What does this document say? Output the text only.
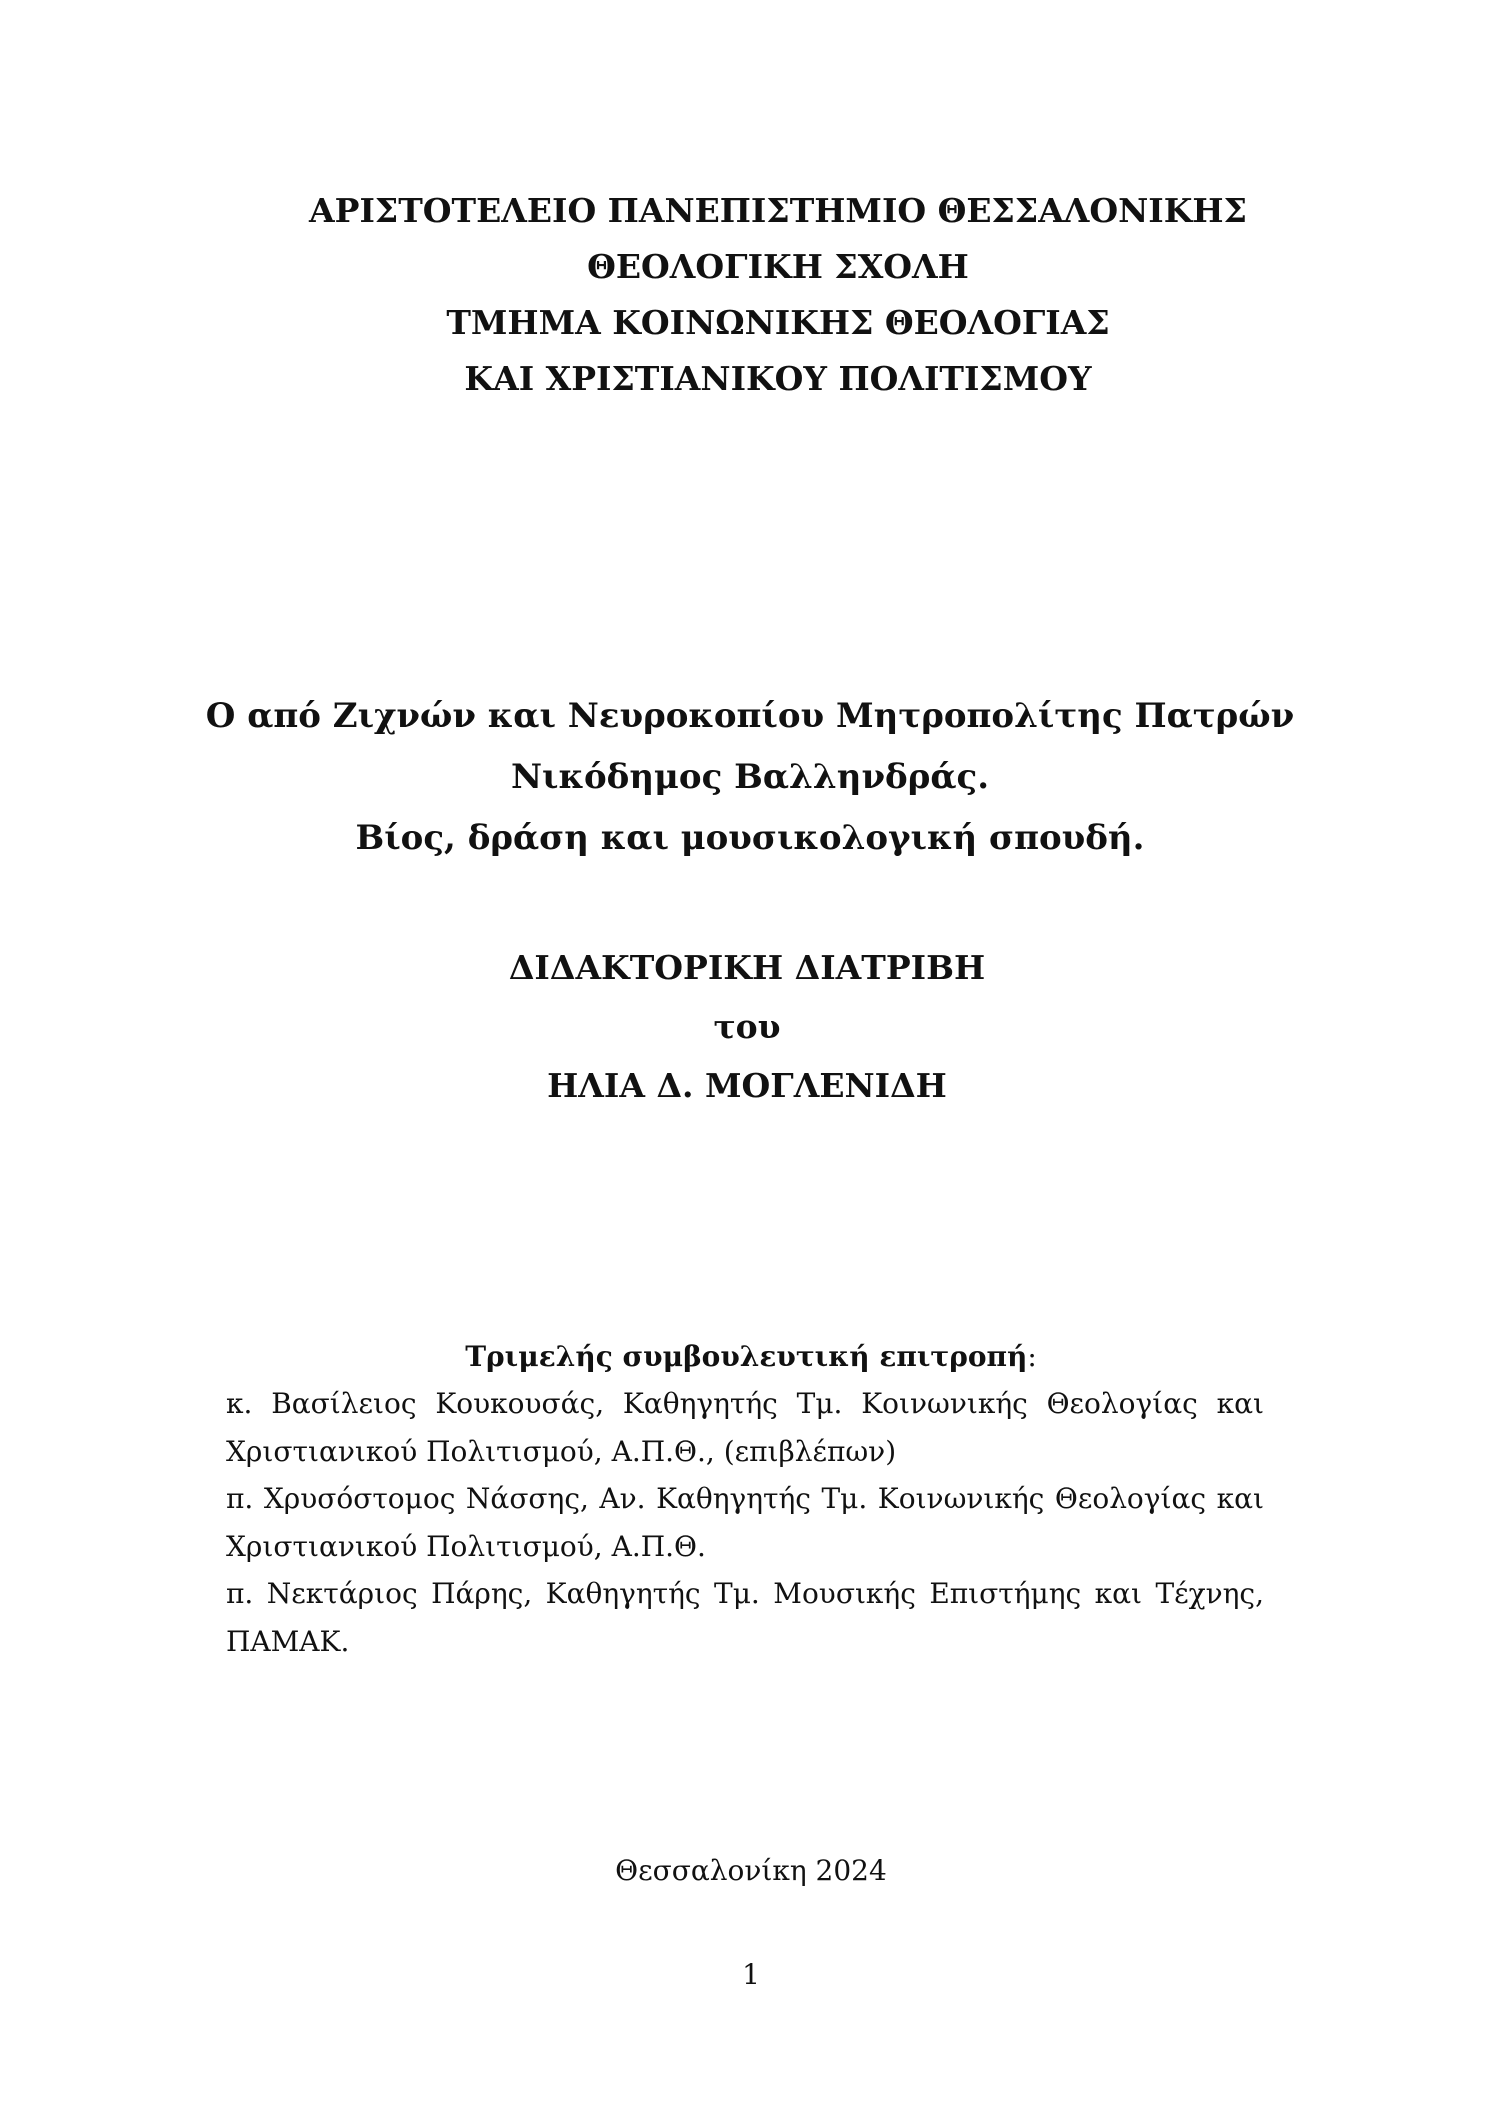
ΑΡΙΣΤΟΤΕΛΕΙΟ ΠΑΝΕΠΙΣΤΗΜΙΟ ΘΕΣΣΑΛΟΝΙΚΗΣ
ΘΕΟΛΟΓΙΚΗ ΣΧΟΛΗ
ΤΜΗΜΑ ΚΟΙΝΩΝΙΚΗΣ ΘΕΟΛΟΓΙΑΣ
ΚΑΙ ΧΡΙΣΤΙΑΝΙΚΟΥ ΠΟΛΙΤΙΣΜΟΥ
Ο από Ζιχνών και Νευροκοπίου Μητροπολίτης Πατρών
Νικόδημος Βαλληνδράς.
Βίος, δράση και μουσικολογική σπουδή.
ΔΙΔΑΚΤΟΡΙΚΗ ΔΙΑΤΡΙΒΗ
του
ΗΛΙΑ Δ. ΜΟΓΛΕΝΙΔΗ
Τριμελής συμβουλευτική επιτροπή:

κ. Βασίλειος Κουκουσάς, Καθηγητής Τμ. Κοινωνικής Θεολογίας και Χριστιανικού Πολιτισμού, Α.Π.Θ., (επιβλέπων)

π. Χρυσόστομος Νάσσης, Αν. Καθηγητής Τμ. Κοινωνικής Θεολογίας και Χριστιανικού Πολιτισμού, Α.Π.Θ.

π. Νεκτάριος Πάρης, Καθηγητής Τμ. Μουσικής Επιστήμης και Τέχνης, ΠΑΜΑΚ.

Θεσσαλονίκη 2024
1
